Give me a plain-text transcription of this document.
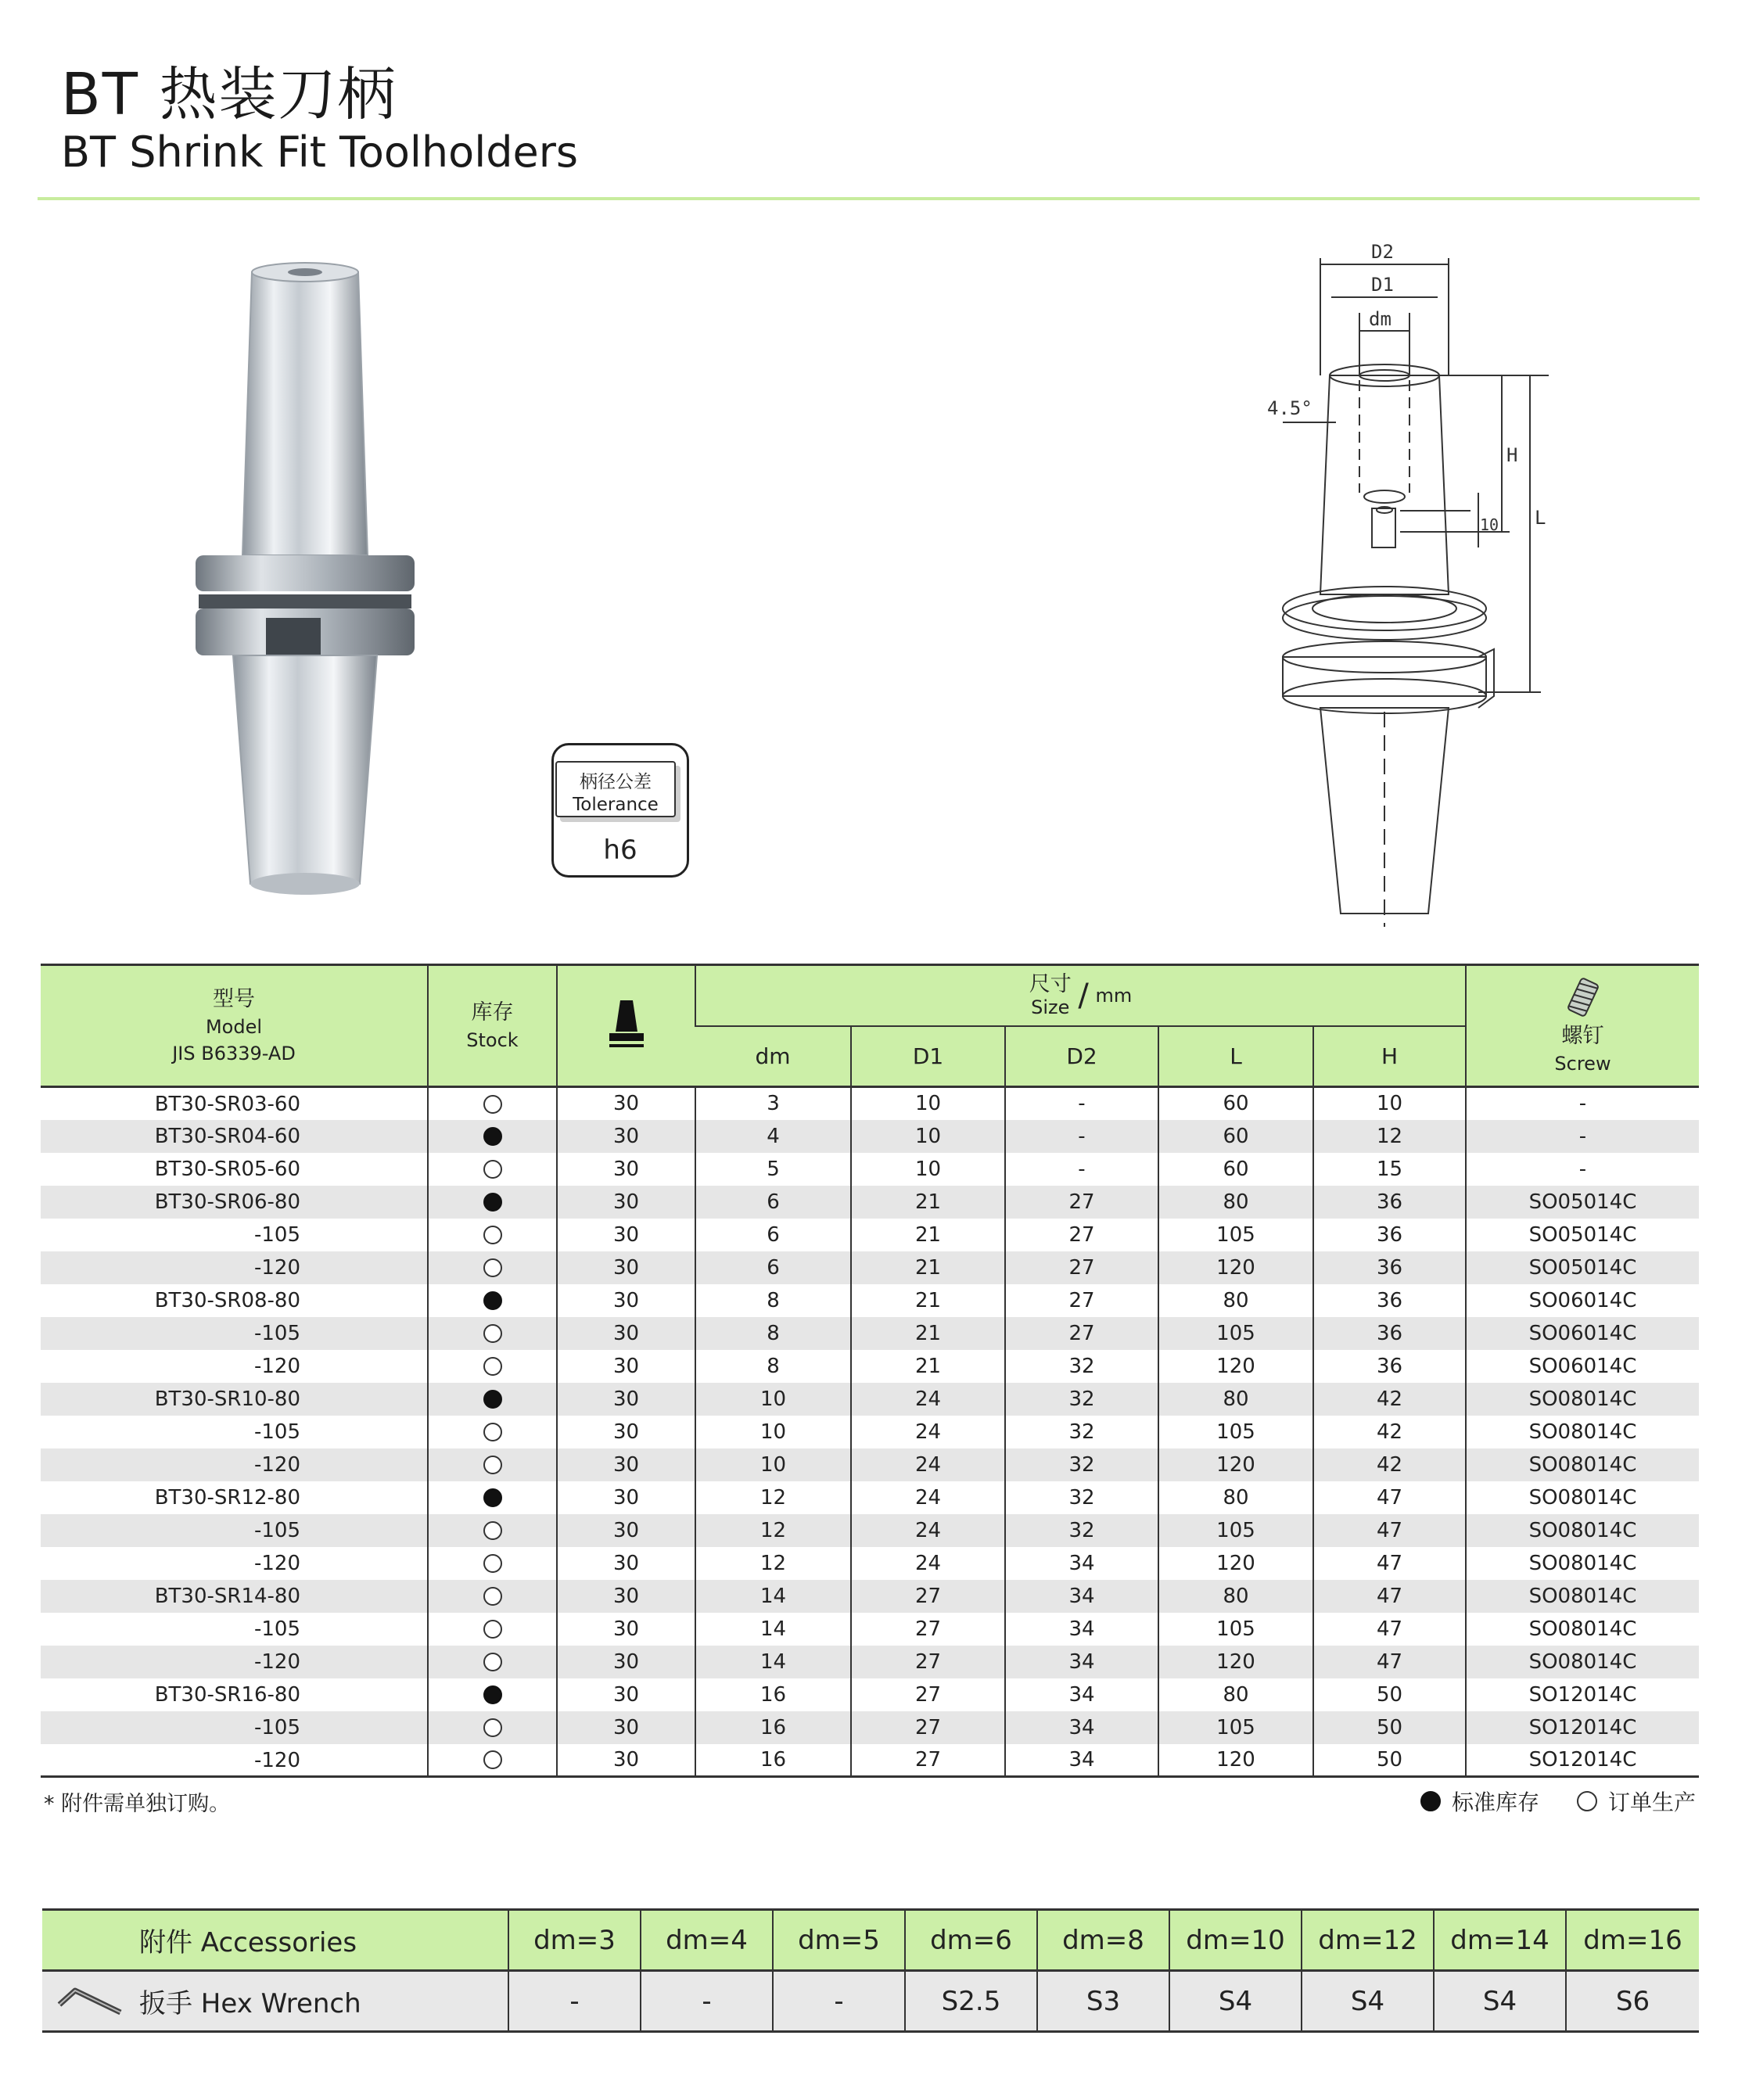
BT 热装刀柄
BT Shrink Fit Toolholders
柄径公差
Tolerance
h6
D2
D1
dm
4.5°
H
L
10
型号
Model
JIS B6339-AD	库存
Stock		尺寸
Size / mm					螺钉
Screw

			dm	D1	D2	L	H	

BT30-SR03-60		30	3	10	-	60	10	-

BT30-SR04-60		30	4	10	-	60	12	-

BT30-SR05-60		30	5	10	-	60	15	-

BT30-SR06-80		30	6	21	27	80	36	SO05014C

-105		30	6	21	27	105	36	SO05014C

-120		30	6	21	27	120	36	SO05014C

BT30-SR08-80		30	8	21	27	80	36	SO06014C

-105		30	8	21	27	105	36	SO06014C

-120		30	8	21	32	120	36	SO06014C

BT30-SR10-80		30	10	24	32	80	42	SO08014C

-105		30	10	24	32	105	42	SO08014C

-120		30	10	24	32	120	42	SO08014C

BT30-SR12-80		30	12	24	32	80	47	SO08014C

-105		30	12	24	32	105	47	SO08014C

-120		30	12	24	34	120	47	SO08014C

BT30-SR14-80		30	14	27	34	80	47	SO08014C

-105		30	14	27	34	105	47	SO08014C

-120		30	14	27	34	120	47	SO08014C

BT30-SR16-80		30	16	27	34	80	50	SO12014C

-105		30	16	27	34	105	50	SO12014C

-120		30	16	27	34	120	50	SO12014C
* 附件需单独订购。	标准库存	订单生产
附件 Accessories	dm=3	dm=4	dm=5	dm=6	dm=8	dm=10	dm=12	dm=14	dm=16

扳手 Hex Wrench	-	-	-	S2.5	S3	S4	S4	S4	S6
